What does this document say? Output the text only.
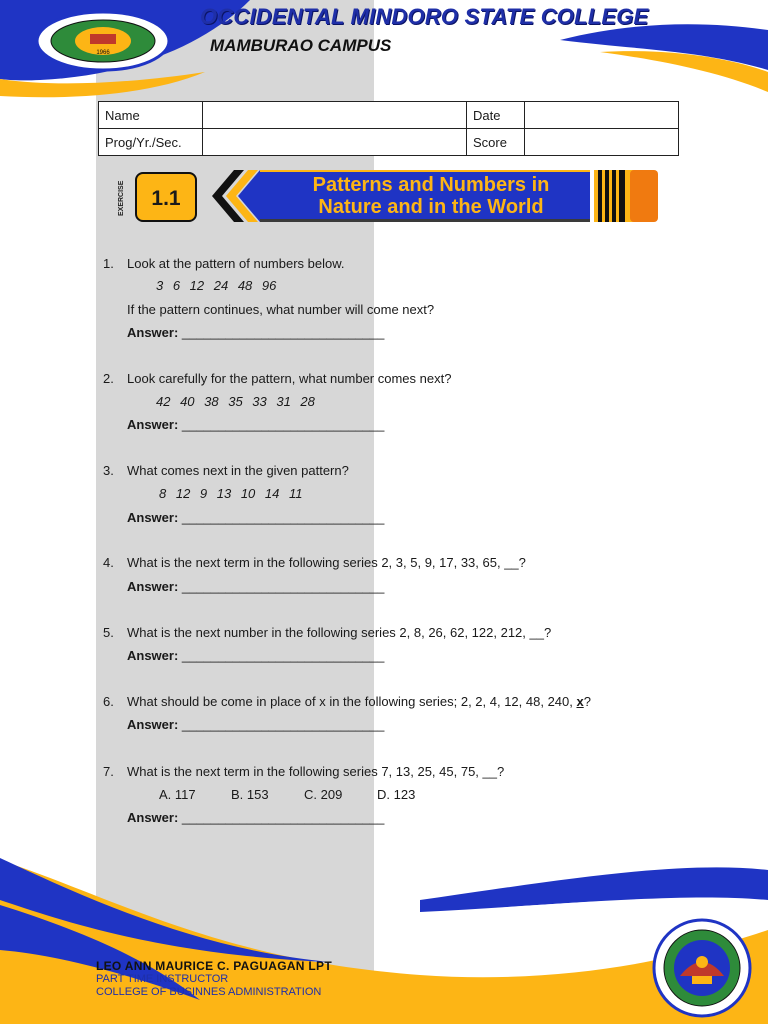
1966
OCCIDENTAL MINDORO STATE COLLEGE
MAMBURAO CAMPUS
Name		Date	
Prog/Yr./Sec.		Score	
EXERCISE	1.1
Patterns and Numbers in
Nature and in the World
1. Look at the pattern of numbers below.
3 6 12 24 48 96
If the pattern continues, what number will come next?
Answer: ____________________________
2. Look carefully for the pattern, what number comes next?
42 40 38 35 33 31 28
Answer: ____________________________
3. What comes next in the given pattern?
8 12 9 13 10 14 11
Answer: ____________________________
4. What is the next term in the following series 2, 3, 5, 9, 17, 33, 65, __?
Answer: ____________________________
5. What is the next number in the following series 2, 8, 26, 62, 122, 212, __?
Answer: ____________________________
6. What should be come in place of x in the following series; 2, 2, 4, 12, 48, 240, x?
Answer: ____________________________
7. What is the next term in the following series 7, 13, 25, 45, 75, __?
A. 117	B. 153	C. 209	D. 123
Answer: ____________________________
LEO ANN MAURICE C. PAGUAGAN LPT
PART TIME INSTRUCTOR
COLLEGE OF BUSINNES ADMINISTRATION
